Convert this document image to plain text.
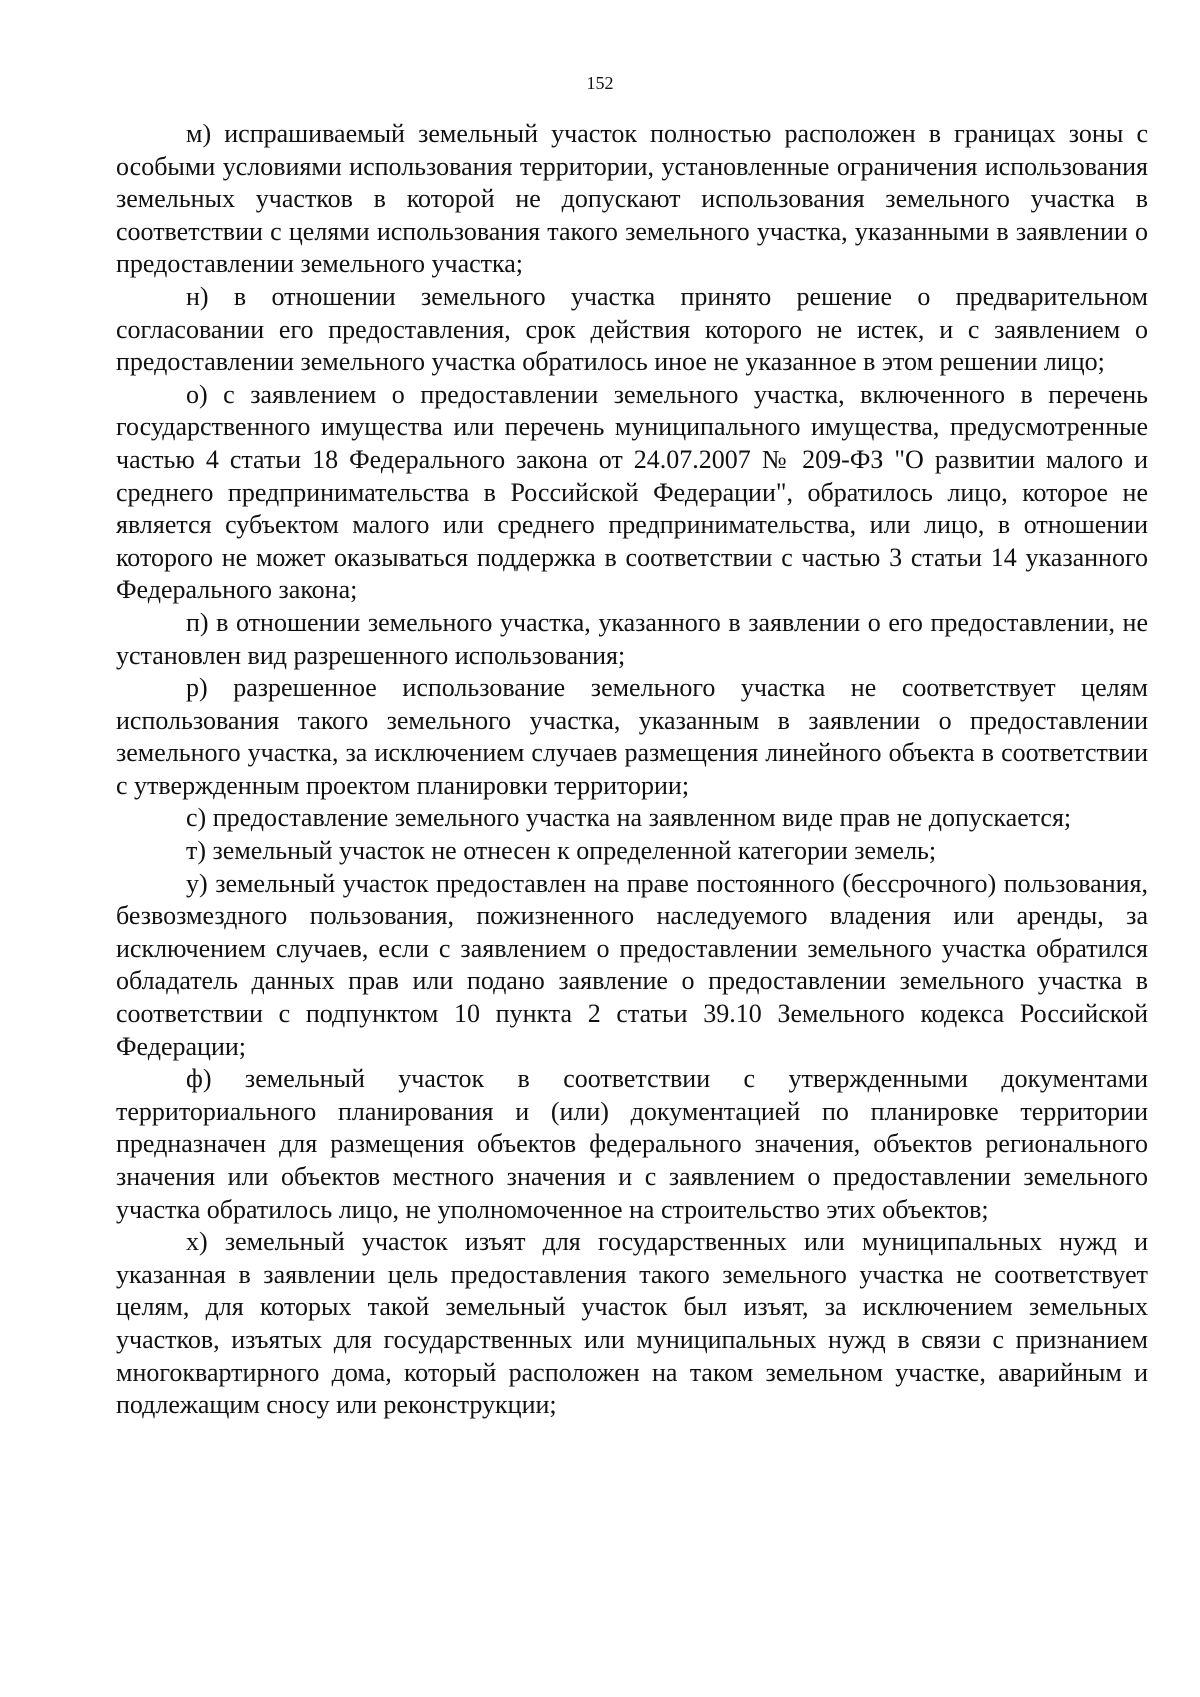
152

м) испрашиваемый земельный участок полностью расположен в границах зоны с особыми условиями использования территории, установленные ограничения использования земельных участков в которой не допускают использования земельного участка в соответствии с целями использования такого земельного участка, указанными в заявлении о предоставлении земельного участка;

н) в отношении земельного участка принято решение о предварительном согласовании его предоставления, срок действия которого не истек, и с заявлением о предоставлении земельного участка обратилось иное не указанное в этом решении лицо;

о) с заявлением о предоставлении земельного участка, включенного в перечень государственного имущества или перечень муниципального имущества, предусмотренные частью 4 статьи 18 Федерального закона от 24.07.2007 № 209-ФЗ "О развитии малого и среднего предпринимательства в Российской Федерации", обратилось лицо, которое не является субъектом малого или среднего предпринимательства, или лицо, в отношении которого не может оказываться поддержка в соответствии с частью 3 статьи 14 указанного Федерального закона;

п) в отношении земельного участка, указанного в заявлении о его предоставлении, не установлен вид разрешенного использования;

р) разрешенное использование земельного участка не соответствует целям использования такого земельного участка, указанным в заявлении о предоставлении земельного участка, за исключением случаев размещения линейного объекта в соответствии с утвержденным проектом планировки территории;

с) предоставление земельного участка на заявленном виде прав не допускается;

т) земельный участок не отнесен к определенной категории земель;

у) земельный участок предоставлен на праве постоянного (бессрочного) пользования, безвозмездного пользования, пожизненного наследуемого владения или аренды, за исключением случаев, если с заявлением о предоставлении земельного участка обратился обладатель данных прав или подано заявление о предоставлении земельного участка в соответствии с подпунктом 10 пункта 2 статьи 39.10 Земельного кодекса Российской Федерации;

ф) земельный участок в соответствии с утвержденными документами территориального планирования и (или) документацией по планировке территории предназначен для размещения объектов федерального значения, объектов регионального значения или объектов местного значения и с заявлением о предоставлении земельного участка обратилось лицо, не уполномоченное на строительство этих объектов;

х) земельный участок изъят для государственных или муниципальных нужд и указанная в заявлении цель предоставления такого земельного участка не соответствует целям, для которых такой земельный участок был изъят, за исключением земельных участков, изъятых для государственных или муниципальных нужд в связи с признанием многоквартирного дома, который расположен на таком земельном участке, аварийным и подлежащим сносу или реконструкции;
